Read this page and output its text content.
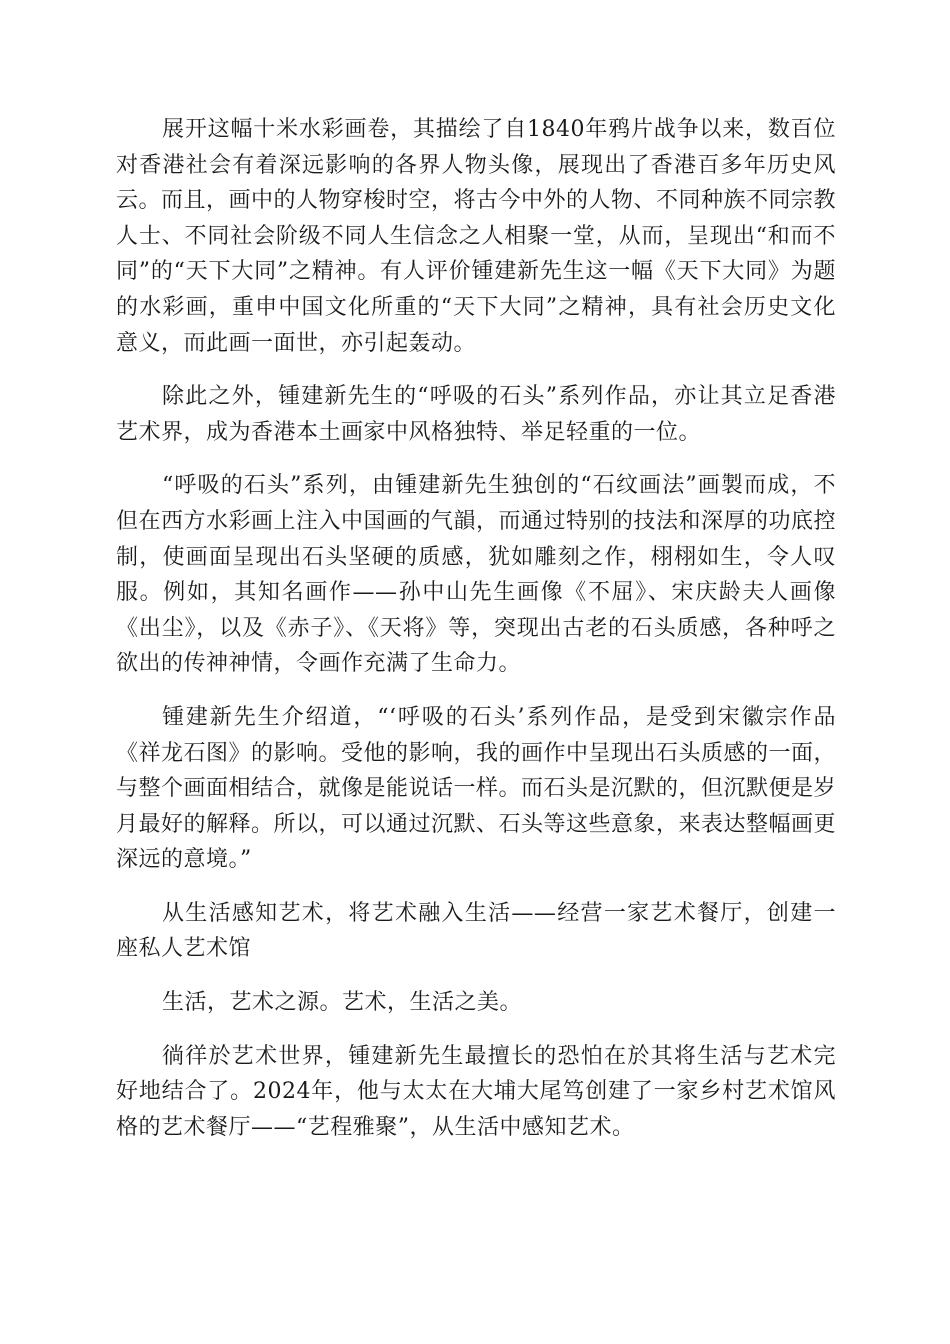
展开这幅十米水彩画卷，其描绘了自1840年鸦片战争以来，数百位对香港社会有着深远影响的各界人物头像，展现出了香港百多年历史风云。而且，画中的人物穿梭时空，将古今中外的人物、不同种族不同宗教人士、不同社会阶级不同人生信念之人相聚一堂，从而，呈现出“和而不同”的“天下大同”之精神。有人评价锺建新先生这一幅《天下大同》为题的水彩画，重申中国文化所重的“天下大同”之精神，具有社会历史文化意义，而此画一面世，亦引起轰动。

除此之外，锺建新先生的“呼吸的石头”系列作品，亦让其立足香港艺术界，成为香港本土画家中风格独特、举足轻重的一位。

“呼吸的石头”系列，由锺建新先生独创的“石纹画法”画製而成，不但在西方水彩画上注入中国画的气韻，而通过特别的技法和深厚的功底控制，使画面呈现出石头坚硬的质感，犹如雕刻之作，栩栩如生，令人叹服。例如，其知名画作——孙中山先生画像《不屈》、宋庆龄夫人画像《出尘》，以及《赤子》、《天将》等，突现出古老的石头质感，各种呼之欲出的传神神情，令画作充满了生命力。

锺建新先生介绍道，“‘呼吸的石头’系列作品，是受到宋徽宗作品《祥龙石图》的影响。受他的影响，我的画作中呈现出石头质感的一面，与整个画面相结合，就像是能说话一样。而石头是沉默的，但沉默便是岁月最好的解释。所以，可以通过沉默、石头等这些意象，来表达整幅画更深远的意境。”

从生活感知艺术，将艺术融入生活——经营一家艺术餐厅，创建一座私人艺术馆

生活，艺术之源。艺术，生活之美。

徜徉於艺术世界，锺建新先生最擅长的恐怕在於其将生活与艺术完好地结合了。2024年，他与太太在大埔大尾笃创建了一家乡村艺术馆风格的艺术餐厅——“艺程雅聚”，从生活中感知艺术。
